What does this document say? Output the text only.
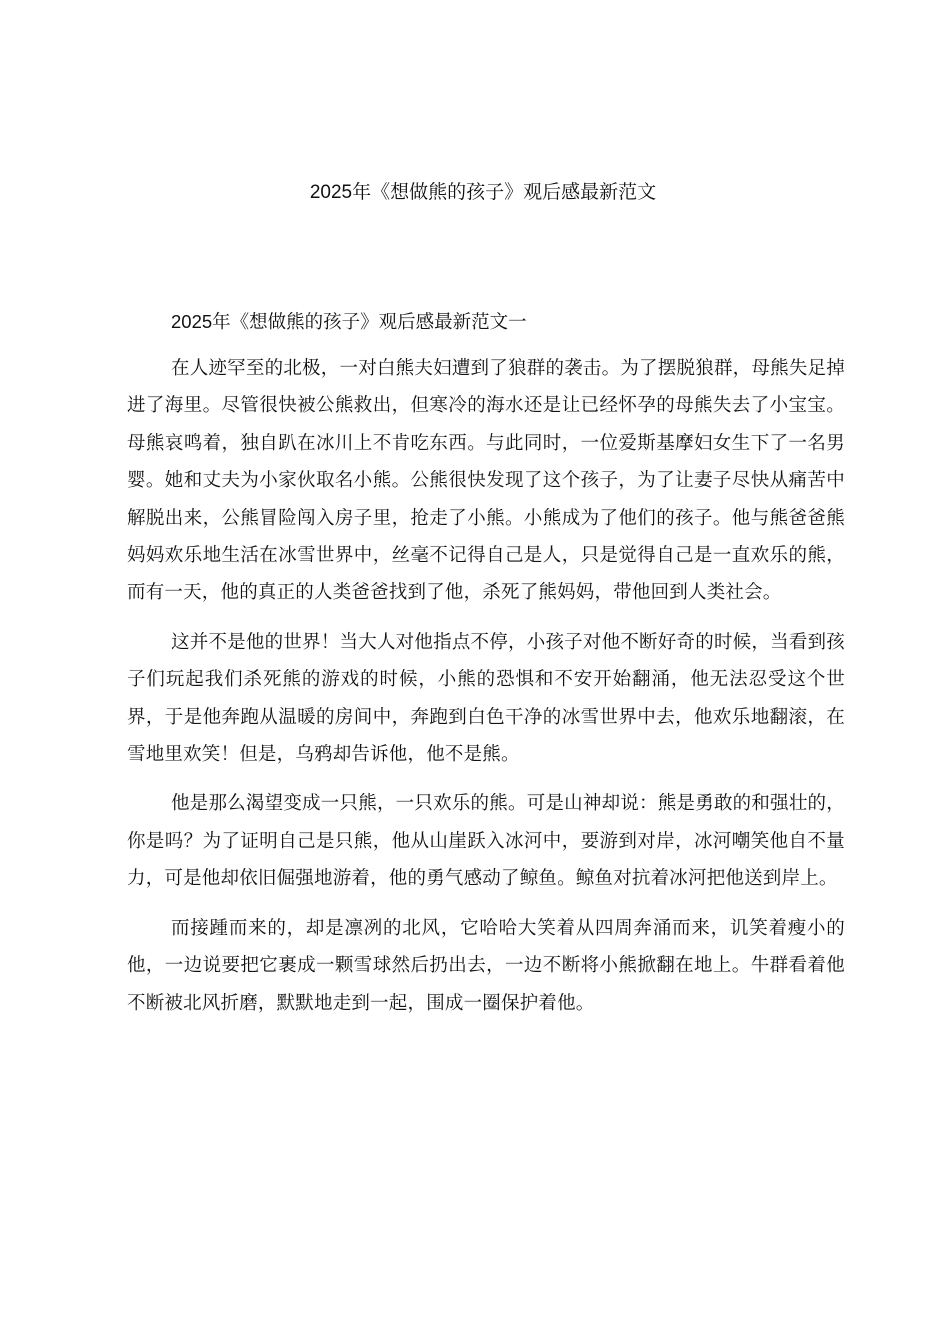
2025年《想做熊的孩子》观后感最新范文

2025年《想做熊的孩子》观后感最新范文一

在人迹罕至的北极，一对白熊夫妇遭到了狼群的袭击。为了摆脱狼群，母熊失足掉进了海里。尽管很快被公熊救出，但寒冷的海水还是让已经怀孕的母熊失去了小宝宝。母熊哀鸣着，独自趴在冰川上不肯吃东西。与此同时，一位爱斯基摩妇女生下了一名男婴。她和丈夫为小家伙取名小熊。公熊很快发现了这个孩子，为了让妻子尽快从痛苦中解脱出来，公熊冒险闯入房子里，抢走了小熊。小熊成为了他们的孩子。他与熊爸爸熊妈妈欢乐地生活在冰雪世界中，丝毫不记得自己是人，只是觉得自己是一直欢乐的熊，而有一天，他的真正的人类爸爸找到了他，杀死了熊妈妈，带他回到人类社会。

这并不是他的世界！当大人对他指点不停，小孩子对他不断好奇的时候，当看到孩子们玩起我们杀死熊的游戏的时候，小熊的恐惧和不安开始翻涌，他无法忍受这个世界，于是他奔跑从温暖的房间中，奔跑到白色干净的冰雪世界中去，他欢乐地翻滚，在雪地里欢笑！但是，乌鸦却告诉他，他不是熊。

他是那么渴望变成一只熊，一只欢乐的熊。可是山神却说：熊是勇敢的和强壮的，你是吗？为了证明自己是只熊，他从山崖跃入冰河中，要游到对岸，冰河嘲笑他自不量力，可是他却依旧倔强地游着，他的勇气感动了鲸鱼。鲸鱼对抗着冰河把他送到岸上。

而接踵而来的，却是凛冽的北风，它哈哈大笑着从四周奔涌而来，讥笑着瘦小的他，一边说要把它裹成一颗雪球然后扔出去，一边不断将小熊掀翻在地上。牛群看着他不断被北风折磨，默默地走到一起，围成一圈保护着他。
